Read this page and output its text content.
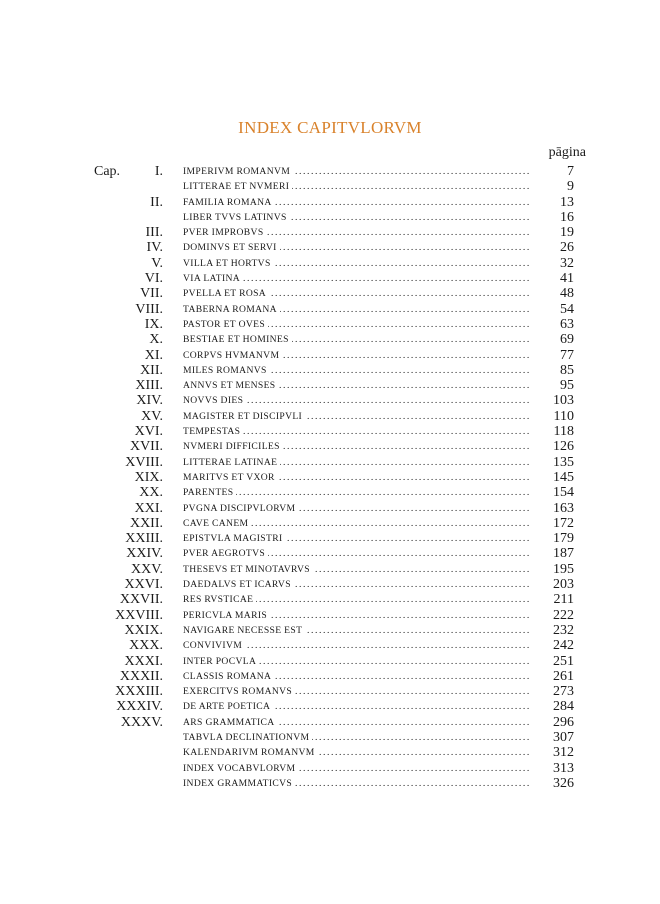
INDEX CAPITVLORVM
pāgina
Cap. I. IMPERIVM ROMANVM .....	7
LITTERAE ET NVMERI .....	9
II. FAMILIA ROMANA .....	13
LIBER TVVS LATINVS .....	16
III. PVER IMPROBVS .....	19
IV. DOMINVS ET SERVI .....	26
V. VILLA ET HORTVS .....	32
VI. VIA LATINA .....	41
VII. PVELLA ET ROSA .....	48
VIII. TABERNA ROMANA .....	54
IX. PASTOR ET OVES .....	63
X. BESTIAE ET HOMINES .....	69
XI. CORPVS HVMANVM .....	77
XII. MILES ROMANVS .....	85
XIII. ANNVS ET MENSES .....	95
XIV. NOVVS DIES .....	103
XV. MAGISTER ET DISCIPVLI .....	110
XVI. TEMPESTAS .....	118
XVII. NVMERI DIFFICILES .....	126
XVIII. LITTERAE LATINAE .....	135
XIX. MARITVS ET VXOR .....	145
XX. PARENTES .....	154
XXI. PVGNA DISCIPVLORVM .....	163
XXII. CAVE CANEM .....	172
XXIII. EPISTVLA MAGISTRI .....	179
XXIV. PVER AEGROTVS .....	187
XXV. THESEVS ET MINOTAVRVS .....	195
XXVI. DAEDALVS ET ICARVS .....	203
XXVII. RES RVSTICAE .....	211
XXVIII. PERICVLA MARIS .....	222
XXIX. NAVIGARE NECESSE EST .....	232
XXX. CONVIVIVM .....	242
XXXI. INTER POCVLA .....	251
XXXII. CLASSIS ROMANA .....	261
XXXIII. EXERCITVS ROMANVS .....	273
XXXIV. DE ARTE POETICA .....	284
XXXV. ARS GRAMMATICA .....	296
TABVLA DECLINATIONVM .....	307
KALENDARIVM ROMANVM .....	312
INDEX VOCABVLORVM .....	313
INDEX GRAMMATICVS .....	326
